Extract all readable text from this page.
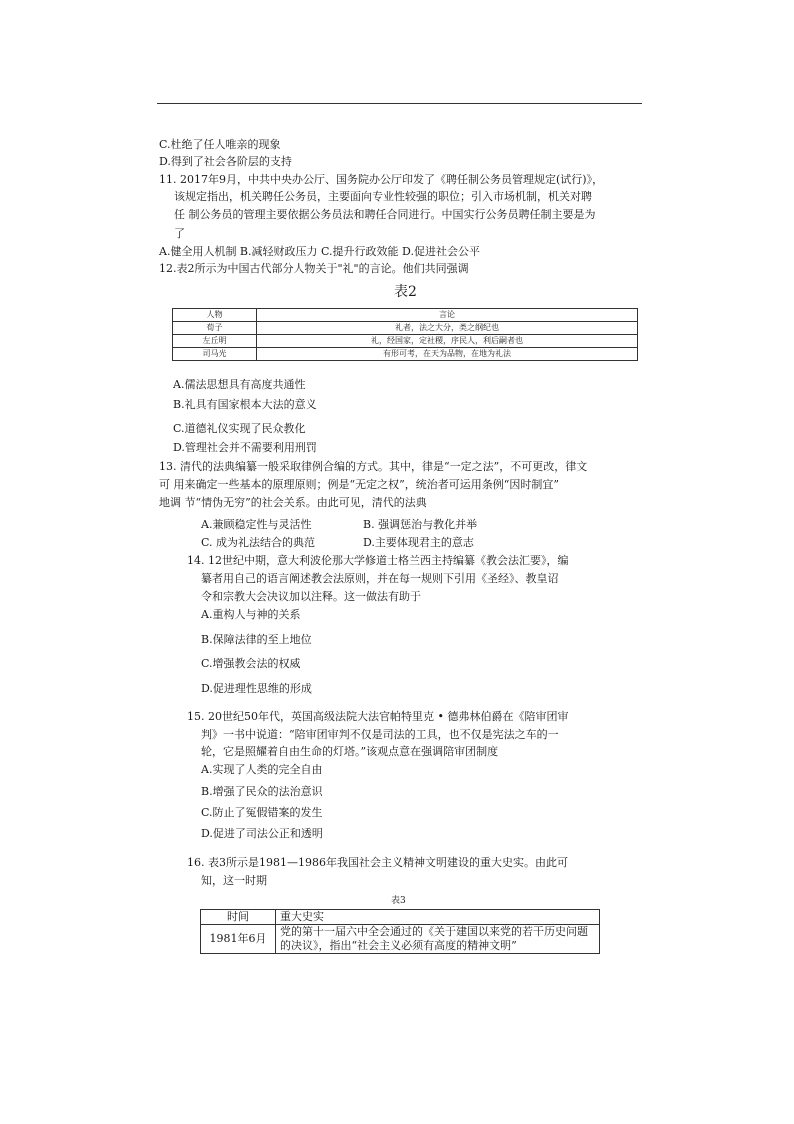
C.杜绝了任人唯亲的现象
D.得到了社会各阶层的支持
11. 2017年9月，中共中央办公厅、国务院办公厅印发了《聘任制公务员管理规定(试行)》，
该规定指出，机关聘任公务员，主要面向专业性较强的职位；引入市场机制，机关对聘
任 制公务员的管理主要依据公务员法和聘任合同进行。中国实行公务员聘任制主要是为
了
A.健全用人机制 B.减轻财政压力 C.提升行政效能 D.促进社会公平
12.表2所示为中国古代部分人物关于"礼"的言论。他们共同强调
表2
人物	言论
荀子	礼者，法之大分，类之纲纪也
左丘明	礼，经国家，定社稷，序民人，利后嗣者也
司马光	有形可考，在天为品物，在地为礼法
A.儒法思想具有高度共通性
B.礼具有国家根本大法的意义
C.道德礼仪实现了民众教化
D.管理社会并不需要利用刑罚
13. 清代的法典编纂一般采取律例合编的方式。其中，律是“一定之法”，不可更改，律文
可 用来确定一些基本的原理原则；例是“无定之权”，统治者可运用条例“因时制宜”
地调 节“情伪无穷”的社会关系。由此可见，清代的法典
A.兼顾稳定性与灵活性	B. 强调惩治与教化并举
C. 成为礼法结合的典范	D.主要体现君主的意志
14. 12世纪中期，意大利波伦那大学修道士格兰西主持编纂《教会法汇要》，编
纂者用自己的语言阐述教会法原则，并在每一规则下引用《圣经》、教皇诏
令和宗教大会决议加以注释。这一做法有助于
A.重构人与神的关系
B.保障法律的至上地位
C.增强教会法的权威
D.促进理性思维的形成
15. 20世纪50年代，英国高级法院大法官帕特里克 • 德弗林伯爵在《陪审团审
判》一书中说道：“陪审团审判不仅是司法的工具，也不仅是宪法之车的一
轮，它是照耀着自由生命的灯塔。”该观点意在强调陪审团制度
A.实现了人类的完全自由
B.增强了民众的法治意识
C.防止了冤假错案的发生
D.促进了司法公正和透明
16. 表3所示是1981—1986年我国社会主义精神文明建设的重大史实。由此可
知，这一时期
表3
时间	重大史实
1981年6月	党的第十一届六中全会通过的《关于建国以来党的若干历史问题的决议》，指出“社会主义必须有高度的精神文明”
